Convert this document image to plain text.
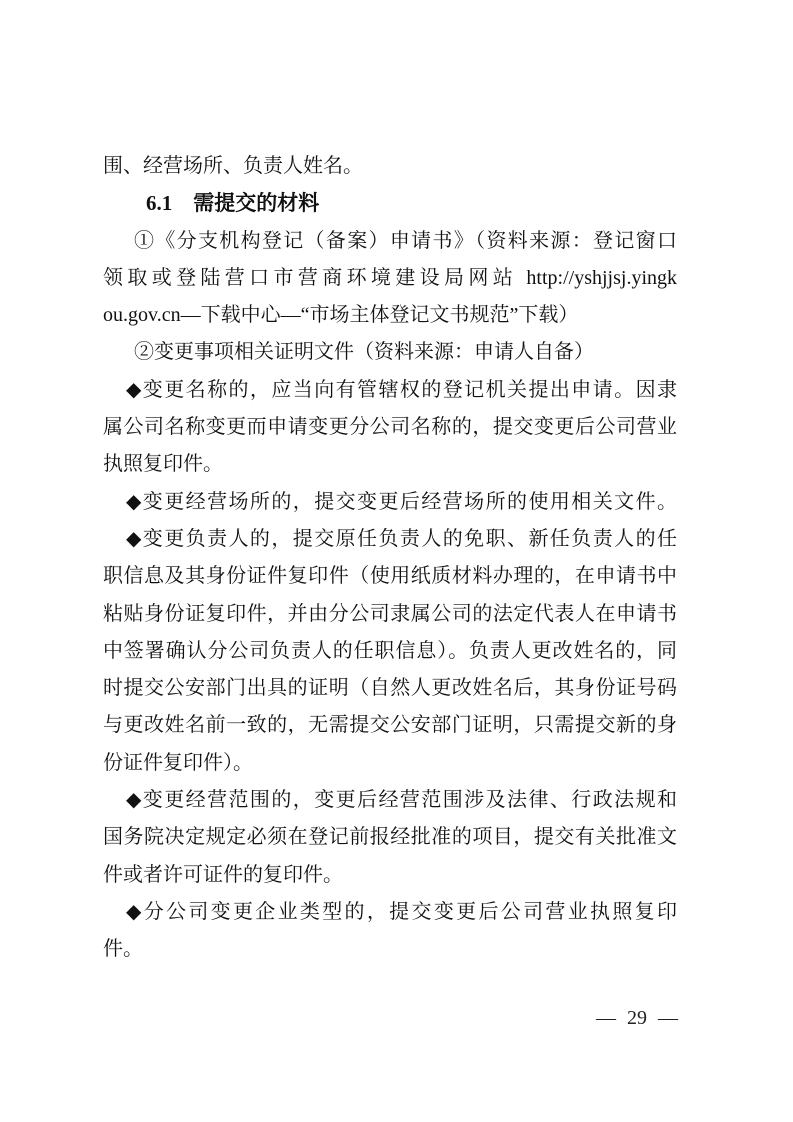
围、经营场所、负责人姓名。
6.1　需提交的材料
①《分支机构登记（备案）申请书》（资料来源：登记窗口
领取或登陆营口市营商环境建设局网站 http://yshjjsj.yingk
ou.gov.cn—下载中心—“市场主体登记文书规范”下载）
②变更事项相关证明文件（资料来源：申请人自备）
◆变更名称的，应当向有管辖权的登记机关提出申请。因隶
属公司名称变更而申请变更分公司名称的，提交变更后公司营业
执照复印件。
◆变更经营场所的，提交变更后经营场所的使用相关文件。
◆变更负责人的，提交原任负责人的免职、新任负责人的任
职信息及其身份证件复印件（使用纸质材料办理的，在申请书中
粘贴身份证复印件，并由分公司隶属公司的法定代表人在申请书
中签署确认分公司负责人的任职信息）。负责人更改姓名的，同
时提交公安部门出具的证明（自然人更改姓名后，其身份证号码
与更改姓名前一致的，无需提交公安部门证明，只需提交新的身
份证件复印件）。
◆变更经营范围的，变更后经营范围涉及法律、行政法规和
国务院决定规定必须在登记前报经批准的项目，提交有关批准文
件或者许可证件的复印件。
◆分公司变更企业类型的，提交变更后公司营业执照复印
件。
— 29 —
